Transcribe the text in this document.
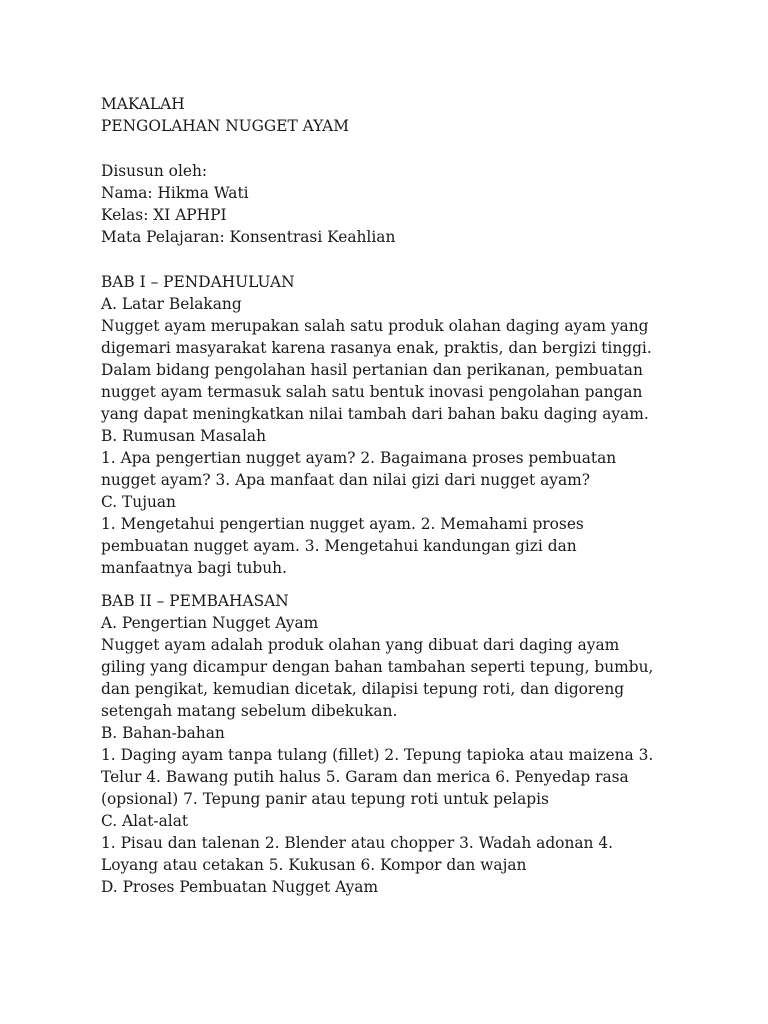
MAKALAH
PENGOLAHAN NUGGET AYAM
Disusun oleh:
Nama: Hikma Wati
Kelas: XI APHPI
Mata Pelajaran: Konsentrasi Keahlian
BAB I – PENDAHULUAN
A. Latar Belakang
Nugget ayam merupakan salah satu produk olahan daging ayam yang
digemari masyarakat karena rasanya enak, praktis, dan bergizi tinggi.
Dalam bidang pengolahan hasil pertanian dan perikanan, pembuatan
nugget ayam termasuk salah satu bentuk inovasi pengolahan pangan
yang dapat meningkatkan nilai tambah dari bahan baku daging ayam.
B. Rumusan Masalah
1. Apa pengertian nugget ayam? 2. Bagaimana proses pembuatan
nugget ayam? 3. Apa manfaat dan nilai gizi dari nugget ayam?
C. Tujuan
1. Mengetahui pengertian nugget ayam. 2. Memahami proses
pembuatan nugget ayam. 3. Mengetahui kandungan gizi dan
manfaatnya bagi tubuh.
BAB II – PEMBAHASAN
A. Pengertian Nugget Ayam
Nugget ayam adalah produk olahan yang dibuat dari daging ayam
giling yang dicampur dengan bahan tambahan seperti tepung, bumbu,
dan pengikat, kemudian dicetak, dilapisi tepung roti, dan digoreng
setengah matang sebelum dibekukan.
B. Bahan-bahan
1. Daging ayam tanpa tulang (fillet) 2. Tepung tapioka atau maizena 3.
Telur 4. Bawang putih halus 5. Garam dan merica 6. Penyedap rasa
(opsional) 7. Tepung panir atau tepung roti untuk pelapis
C. Alat-alat
1. Pisau dan talenan 2. Blender atau chopper 3. Wadah adonan 4.
Loyang atau cetakan 5. Kukusan 6. Kompor dan wajan
D. Proses Pembuatan Nugget Ayam
